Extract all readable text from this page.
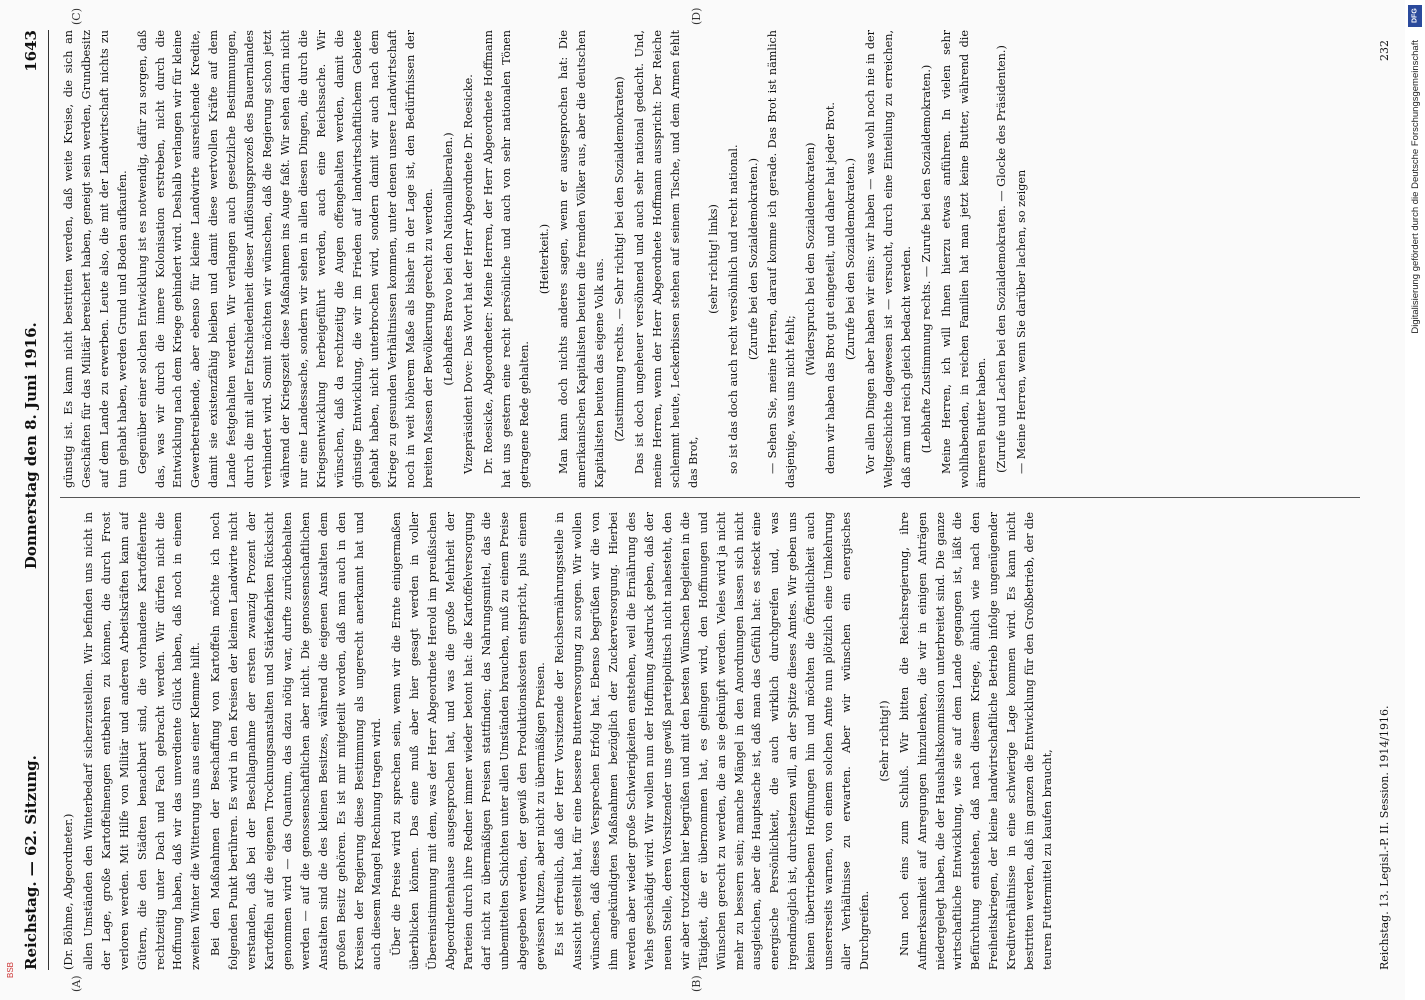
Reichstag. — 62. Sitzung.
Donnerstag den 8. Juni 1916.  1643

(Dr. Böhme, Abgeordneter.) allen Umständen den Winterbedarf sicherzustellen. Wir befinden uns nicht in der Lage, große Kartoffelmengen entbehren zu können, die durch Frost verloren werden. Mit Hilfe von Militär und anderen Arbeitskräften kann auf Gütern, die den Städten benachbart sind, die vorhandene Kartoffelernte rechtzeitig unter Dach und Fach gebracht werden. Wir dürfen nicht die Hoffnung haben, daß wir das unverdiente Glück haben, daß noch in einem zweiten Winter die Witterung uns aus einer Klemme hilft. Bei den Maßnahmen der Beschaffung von Kartoffeln möchte ich noch folgenden Punkt berühren. Es wird in den Kreisen der kleinen Landwirte nicht verstanden, daß bei der Beschlagnahme der ersten zwanzig Prozent der Kartoffeln auf die eigenen Trocknungsanstalten und Stärkefabriken Rücksicht genommen wird — das Quantum, das dazu nötig war, durfte zurückbehalten werden — auf die genossenschaftlichen aber nicht. Die genossenschaftlichen Anstalten sind die des kleinen Besitzes, während die eigenen Anstalten dem großen Besitz gehören. Es ist mir mitgeteilt worden, daß man auch in den Kreisen der Regierung diese Bestimmung als ungerecht anerkannt hat und auch diesem Mangel Rechnung tragen wird. Über die Preise wird zu sprechen sein, wenn wir die Ernte einigermaßen überblicken können. Das eine muß aber hier gesagt werden in voller Übereinstimmung mit dem, was der Herr Abgeordnete Herold im preußischen Abgeordnetenhause ausgesprochen hat, und was die große Mehrheit der Parteien durch ihre Redner immer wieder betont hat: die Kartoffelversorgung darf nicht zu übermäßigen Preisen stattfinden; das Nahrungsmittel, das die unbemittelten Schichten unter allen Umständen brauchen, muß zu einem Preise abgegeben werden, der gewiß den Produktionskosten entspricht, plus einem gewissen Nutzen, aber nicht zu übermäßigen Preisen. Es ist erfreulich, daß der Herr Vorsitzende der Reichsernährungsstelle in Aussicht gestellt hat, für eine bessere Butterversorgung zu sorgen. Wir wollen wünschen, daß dieses Versprechen Erfolg hat. Ebenso begrüßen wir die von ihm angekündigten Maßnahmen bezüglich der Zuckerversorgung. Hierbei werden aber wieder große Schwierigkeiten entstehen, weil die Ernährung des Viehs geschädigt wird. Wir wollen nun der Hoffnung Ausdruck geben, daß der neuen Stelle, deren Vorsitzender uns gewiß parteipolitisch nicht nahesteht, den wir aber trotzdem hier begrüßen und mit den besten Wünschen begleiten in die Tätigkeit, die er übernommen hat, es gelingen wird, den Hoffnungen und Wünschen gerecht zu werden, die an sie geknüpft werden. Vieles wird ja nicht mehr zu bessern sein; manche Mängel in den Anordnungen lassen sich nicht ausgleichen, aber die Hauptsache ist, daß man das Gefühl hat: es steckt eine energische Persönlichkeit, die auch wirklich durchgreifen und, was irgendmöglich ist, durchsetzen will, an der Spitze dieses Amtes. Wir geben uns keinen übertriebenen Hoffnungen hin und möchten die Öffentlichkeit auch unsererseits warnen, von einem solchen Amte nun plötzlich eine Umkehrung aller Verhältnisse zu erwarten. Aber wir wünschen ein energisches Durchgreifen.

(Sehr richtig!) Nun noch eins zum Schluß. Wir bitten die Reichsregierung, ihre Aufmerksamkeit auf Anregungen hinzulenken, die wir in einigen Anträgen niedergelegt haben, die der Haushaltskommission unterbreitet sind. Die ganze wirtschaftliche Entwicklung, wie sie auf dem Lande gegangen ist, läßt die Befürchtung entstehen, daß nach diesem Kriege, ähnlich wie nach den Freiheitskriegen, der kleine landwirtschaftliche Betrieb infolge ungenügender Kreditverhältnisse in eine schwierige Lage kommen wird. Es kann nicht bestritten werden, daß im ganzen die Entwicklung für den Großbetrieb, der die teuren Futtermittel zu kaufen braucht,

(A)	(B)

günstig ist. Es kann nicht bestritten werden, daß weite Kreise, die sich an Geschäften für das Militär bereichert haben, geneigt sein werden, Grundbesitz auf dem Lande zu erwerben. Leute also, die mit der Landwirtschaft nichts zu tun gehabt haben, werden Grund und Boden aufkaufen. Gegenüber einer solchen Entwicklung ist es notwendig, dafür zu sorgen, daß das, was wir durch die innere Kolonisation erstreben, nicht durch die Entwicklung nach dem Kriege gehindert wird. Deshalb verlangen wir für kleine Gewerbetreibende, aber ebenso für kleine Landwirte ausreichende Kredite, damit sie existenzfähig bleiben und damit diese wertvollen Kräfte auf dem Lande festgehalten werden. Wir verlangen auch gesetzliche Bestimmungen, durch die mit aller Entschiedenheit dieser Auflösungsprozeß des Bauernlandes verhindert wird. Somit möchten wir wünschen, daß die Regierung schon jetzt während der Kriegszeit diese Maßnahmen ins Auge faßt. Wir sehen darin nicht nur eine Landessache, sondern wir sehen in allen diesen Dingen, die durch die Kriegsentwicklung herbeigeführt werden, auch eine Reichssache. Wir wünschen, daß da rechtzeitig die Augen offengehalten werden, damit die günstige Entwicklung, die wir im Frieden auf landwirtschaftlichem Gebiete gehabt haben, nicht unterbrochen wird, sondern damit wir auch nach dem Kriege zu gesunden Verhältnissen kommen, unter denen unsere Landwirtschaft noch in weit höherem Maße als bisher in der Lage ist, den Bedürfnissen der breiten Massen der Bevölkerung gerecht zu werden. (Lebhaftes Bravo bei den Nationalliberalen.) Vizepräsident Dove: Das Wort hat der Herr Abgeordnete Dr. Roesicke. Dr. Roesicke, Abgeordneter: Meine Herren, der Herr Abgeordnete Hoffmann hat uns gestern eine recht persönliche und auch von sehr nationalen Tönen getragene Rede gehalten.

(Heiterkeit.) Man kann doch nichts anderes sagen, wenn er ausgesprochen hat: Die amerikanischen Kapitalisten beuten die fremden Völker aus, aber die deutschen Kapitalisten beuten das eigene Volk aus. (Zustimmung rechts. — Sehr richtig! bei den Sozialdemokraten) Das ist doch ungeheuer versöhnend und auch sehr national gedacht. Und, meine Herren, wenn der Herr Abgeordnete Hoffmann ausspricht: Der Reiche schlemmt heute, Leckerbissen stehen auf seinem Tische, und dem Armen fehlt das Brot,

(sehr richtig! links) so ist das doch auch recht versöhnlich und recht national. (Zurufe bei den Sozialdemokraten.) — Sehen Sie, meine Herren, darauf komme ich gerade. Das Brot ist nämlich dasjenige, was uns nicht fehlt;

(Widerspruch bei den Sozialdemokraten) denn wir haben das Brot gut eingeteilt, und daher hat jeder Brot. (Zurufe bei den Sozialdemokraten.) Vor allen Dingen aber haben wir eins: wir haben — was wohl noch nie in der Weltgeschichte dagewesen ist — versucht, durch eine Einteilung zu erreichen, daß arm und reich gleich bedacht werden. (Lebhafte Zustimmung rechts. — Zurufe bei den Sozialdemokraten.) Meine Herren, ich will Ihnen hierzu etwas anführen. In vielen sehr wohlhabenden, in reichen Familien hat man jetzt keine Butter, während die ärmeren Butter haben. (Zurufe und Lachen bei den Sozialdemokraten. — Glocke des Präsidenten.) — Meine Herren, wenn Sie darüber lachen, so zeigen

(C)	(D)
Reichstag. 13. Legisl.-P. II. Session. 1914/1916.
232	Digitalisierung gefördert durch die Deutsche Forschungsgemeinschaft
DFG
BSB
